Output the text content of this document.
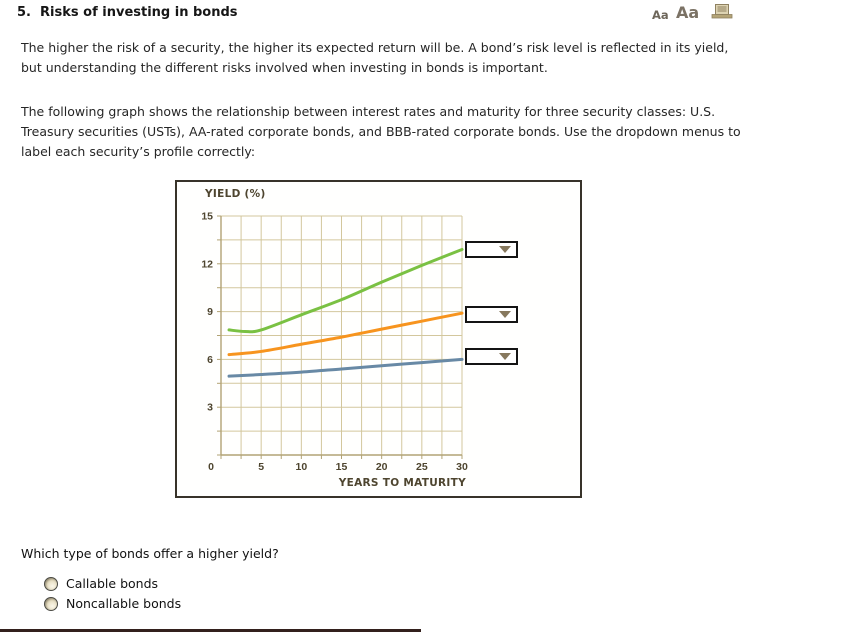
5.  Risks of investing in bonds	Aa Aa
The higher the risk of a security, the higher its expected return will be. A bond’s risk level is reflected in its yield, but understanding the different risks involved when investing in bonds is important.
The following graph shows the relationship between interest rates and maturity for three security classes: U.S. Treasury securities (USTs), AA-rated corporate bonds, and BBB-rated corporate bonds. Use the dropdown menus to label each security’s profile correctly:
YIELD (%)
0	5	10	15	20	25	30
3
6
9
12
15
YEARS TO MATURITY
Which type of bonds offer a higher yield?
Callable bonds
Noncallable bonds
